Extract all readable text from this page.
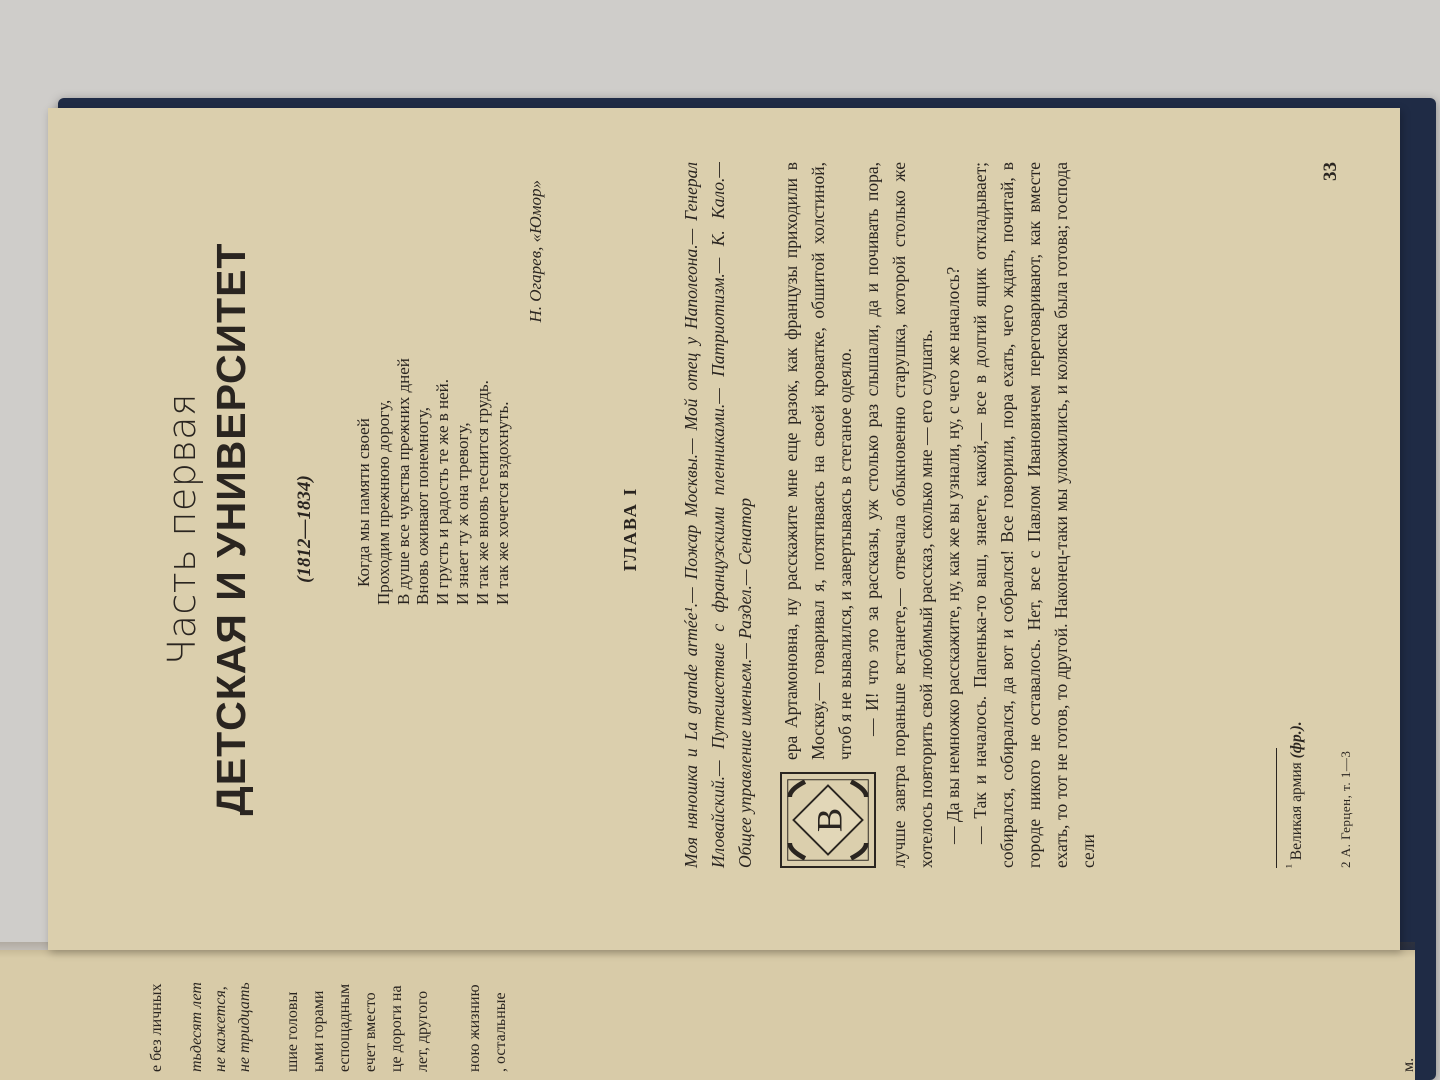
е без личных тьдесят лет не кажется, не тридцать шие головы ыми горами еспощадным ечет вместо це дороги на лет, другого ною жизнию , остальные	м.
Часть первая ДЕТСКАЯ И УНИВЕРСИТЕТ (1812—1834) Когда мы памяти своей Проходим прежнюю дорогу, В душе все чувства прежних дней Вновь оживают понемногу, И грусть и радость те же в ней. И знает ту ж она тревогу, И так же вновь теснится грудь. И так же хочется вздохнуть.
Н. Огарев, «Юмор»
ГЛАВА I Моя няношка и La grande armée¹.— Пожар Москвы.— Мой отец у Наполеона.— Генерал Иловайский.— Путешествие с французскими пленниками.— Патриотизм.— К. Кало.— Общее управление именьем.— Раздел.— Сенатор В

ера Артамоновна, ну расскажите мне еще разок, как французы приходили в Москву,— говаривал я, потягиваясь на своей кроватке, обшитой холстиной, чтоб я не вывалился, и завертываясь в стеганое одеяло. — И! что это за рассказы, уж столько раз слышали, да и почивать пора, лучше завтра пораньше встанете,— отвечала обыкновенно старушка, которой столько же хотелось повторить свой любимый рассказ, сколько мне — его слушать. — Да вы немножко расскажите, ну, как же вы узнали, ну, с чего же началось? — Так и началось. Папенька-то ваш, знаете, какой,— все в долгий ящик откладывает; собирался, собирался, да вот и собрался! Все говорили, пора ехать, чего ждать, почитай, в городе никого не оставалось. Нет, все с Павлом Ивановичем переговаривают, как вместе ехать, то тот не готов, то другой. Наконец-таки мы уложились, и коляска была готова; господа сели	$^{^1}$ Великая армия (фр.).
2 А. Герцен, т. 1—3
33
